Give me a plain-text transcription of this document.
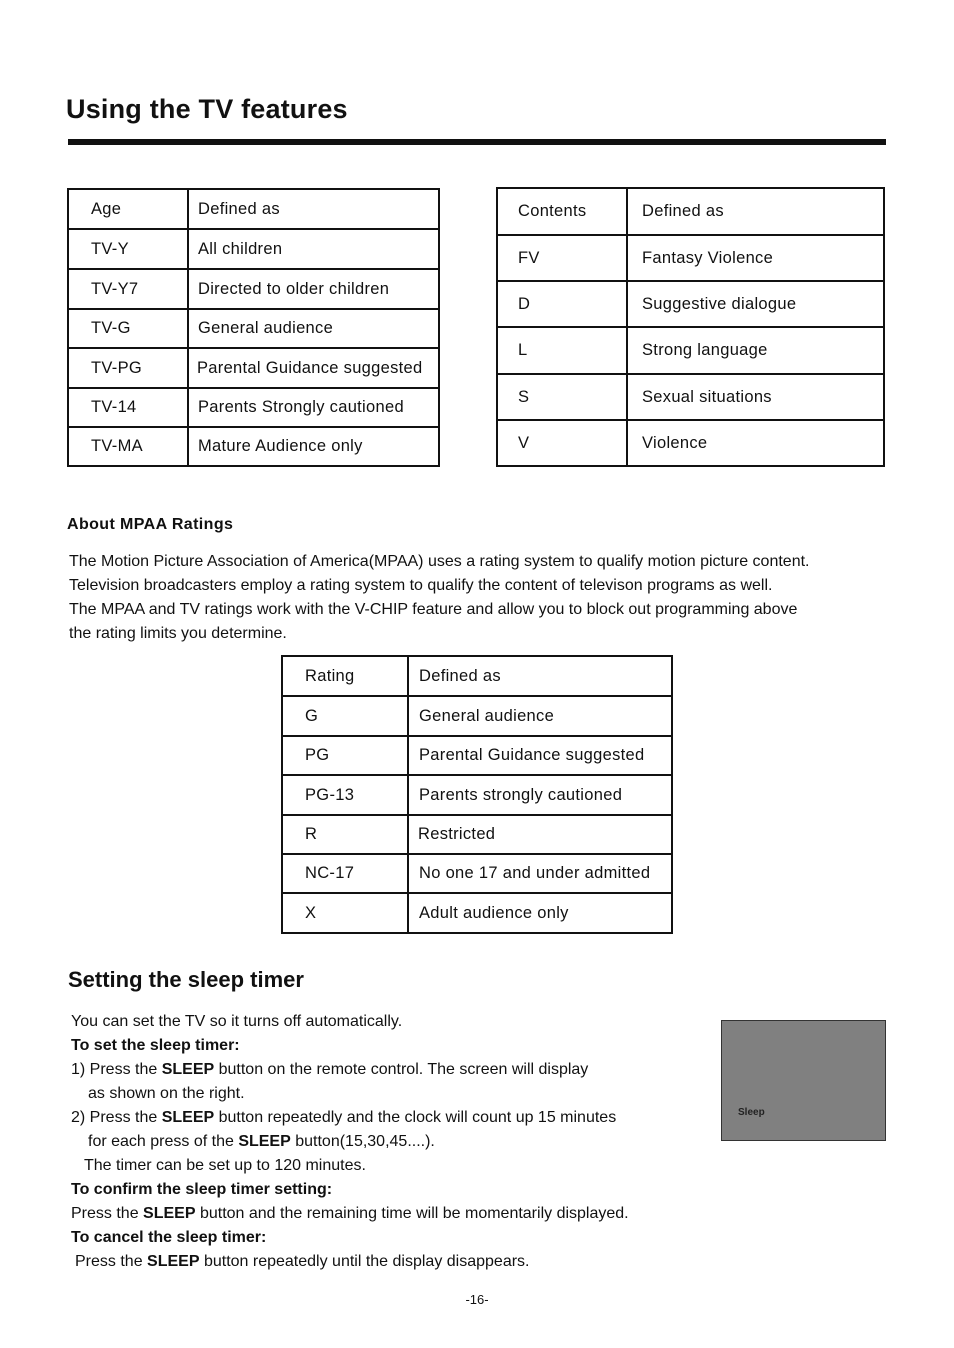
Using the TV features
Age	Defined as
TV-Y	All children
TV-Y7	Directed to older children
TV-G	General audience
TV-PG	Parental Guidance suggested
TV-14	Parents Strongly cautioned
TV-MA	Mature Audience only
Contents	Defined as
FV	Fantasy Violence
D	Suggestive dialogue
L	Strong language
S	Sexual situations
V	Violence
About MPAA Ratings
The Motion Picture Association of America(MPAA) uses a rating system to qualify motion picture content.
Television broadcasters employ a rating system to qualify the content of televison programs as well.
The MPAA and TV ratings work with the V-CHIP feature and allow you to block out programming above
the rating limits you determine.
Rating	Defined as
G	General audience
PG	Parental Guidance suggested
PG-13	Parents strongly cautioned
R	Restricted
NC-17	No one 17 and under admitted
X	Adult audience only
Setting the sleep timer
You can set the TV so it turns off automatically.
To set the sleep timer:
1) Press the SLEEP button on the remote control. The screen will display
as shown on the right.
2) Press the SLEEP button repeatedly and the clock will count up 15 minutes
for each press of the SLEEP button(15,30,45....).
The timer can be set up to 120 minutes.
To confirm the sleep timer setting:
Press the SLEEP button and the remaining time will be momentarily displayed.
To cancel the sleep timer:
Press the SLEEP button repeatedly until the display disappears.
Sleep
-16-
